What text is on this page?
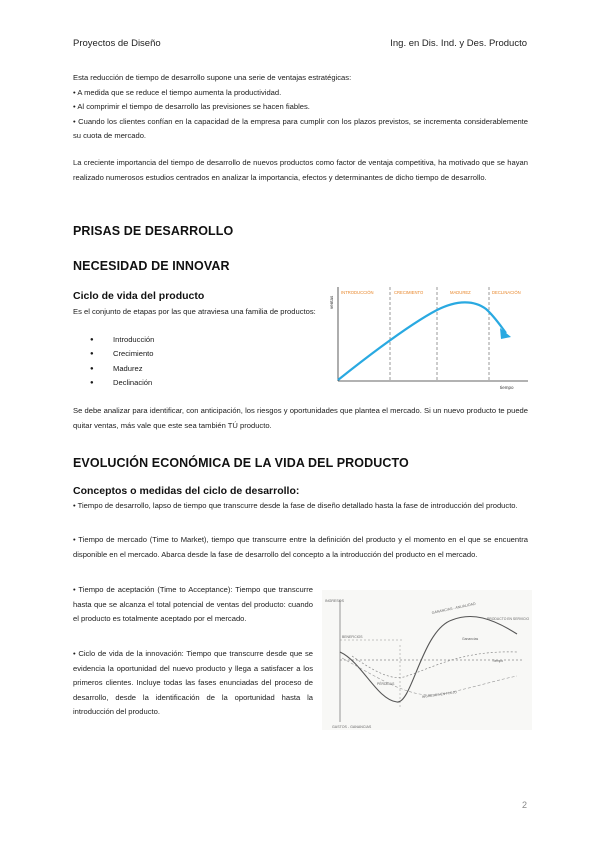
Proyectos de Diseño	Ing. en Dis. Ind. y Des. Producto

Esta reducción de tiempo de desarrollo supone una serie de ventajas estratégicas:

• A medida que se reduce el tiempo aumenta la productividad.

• Al comprimir el tiempo de desarrollo las previsiones se hacen fiables.

• Cuando los clientes confían en la capacidad de la empresa para cumplir con los plazos previstos, se incrementa considerablemente su cuota de mercado.

La creciente importancia del tiempo de desarrollo de nuevos productos como factor de ventaja competitiva, ha motivado que se hayan realizado numerosos estudios centrados en analizar la importancia, efectos y determinantes de dicho tiempo de desarrollo.
PRISAS DE DESARROLLO
NECESIDAD DE INNOVAR
Ciclo de vida del producto
Es el conjunto de etapas por las que atraviesa una familia de productos:
● Introducción
● Crecimiento
● Madurez
● Declinación
INTRODUCCIÓN	CRECIMIENTO	MADUREZ	DECLINACIÓN
ventas
tiempo
Se debe analizar para identificar, con anticipación, los riesgos y oportunidades que plantea el mercado. Si un nuevo producto te puede quitar ventas, más vale que este sea también TÚ producto.
EVOLUCIÓN ECONÓMICA DE LA VIDA DEL PRODUCTO
Conceptos o medidas del ciclo de desarrollo:
• Tiempo de desarrollo, lapso de tiempo que transcurre desde la fase de diseño detallado hasta la fase de introducción del producto.
• Tiempo de mercado (Time to Market), tiempo que transcurre entre la definición del producto y el momento en el que se encuentra disponible en el mercado. Abarca desde la fase de desarrollo del concepto a la introducción del producto en el mercado.
• Tiempo de aceptación (Time to Acceptance): Tiempo que transcurre hasta que se alcanza el total potencial de ventas del producto: cuando el producto es totalmente aceptado por el mercado.
• Ciclo de vida de la innovación: Tiempo que transcurre desde que se evidencia la oportunidad del nuevo producto y llega a satisfacer a los primeros clientes. Incluye todas las fases enunciadas del proceso de desarrollo, desde la identificación de la oportunidad hasta la introducción del producto.
INGRESOS
GASTOS - GANANCIAS
GANANCIAS - ANUALIDAD
PRODUCTO EN SERVICIO
Ganancias
Tiempo
INGRESOS EN FLUJO
BENEFICIOS
PÉRDIDAS
2
